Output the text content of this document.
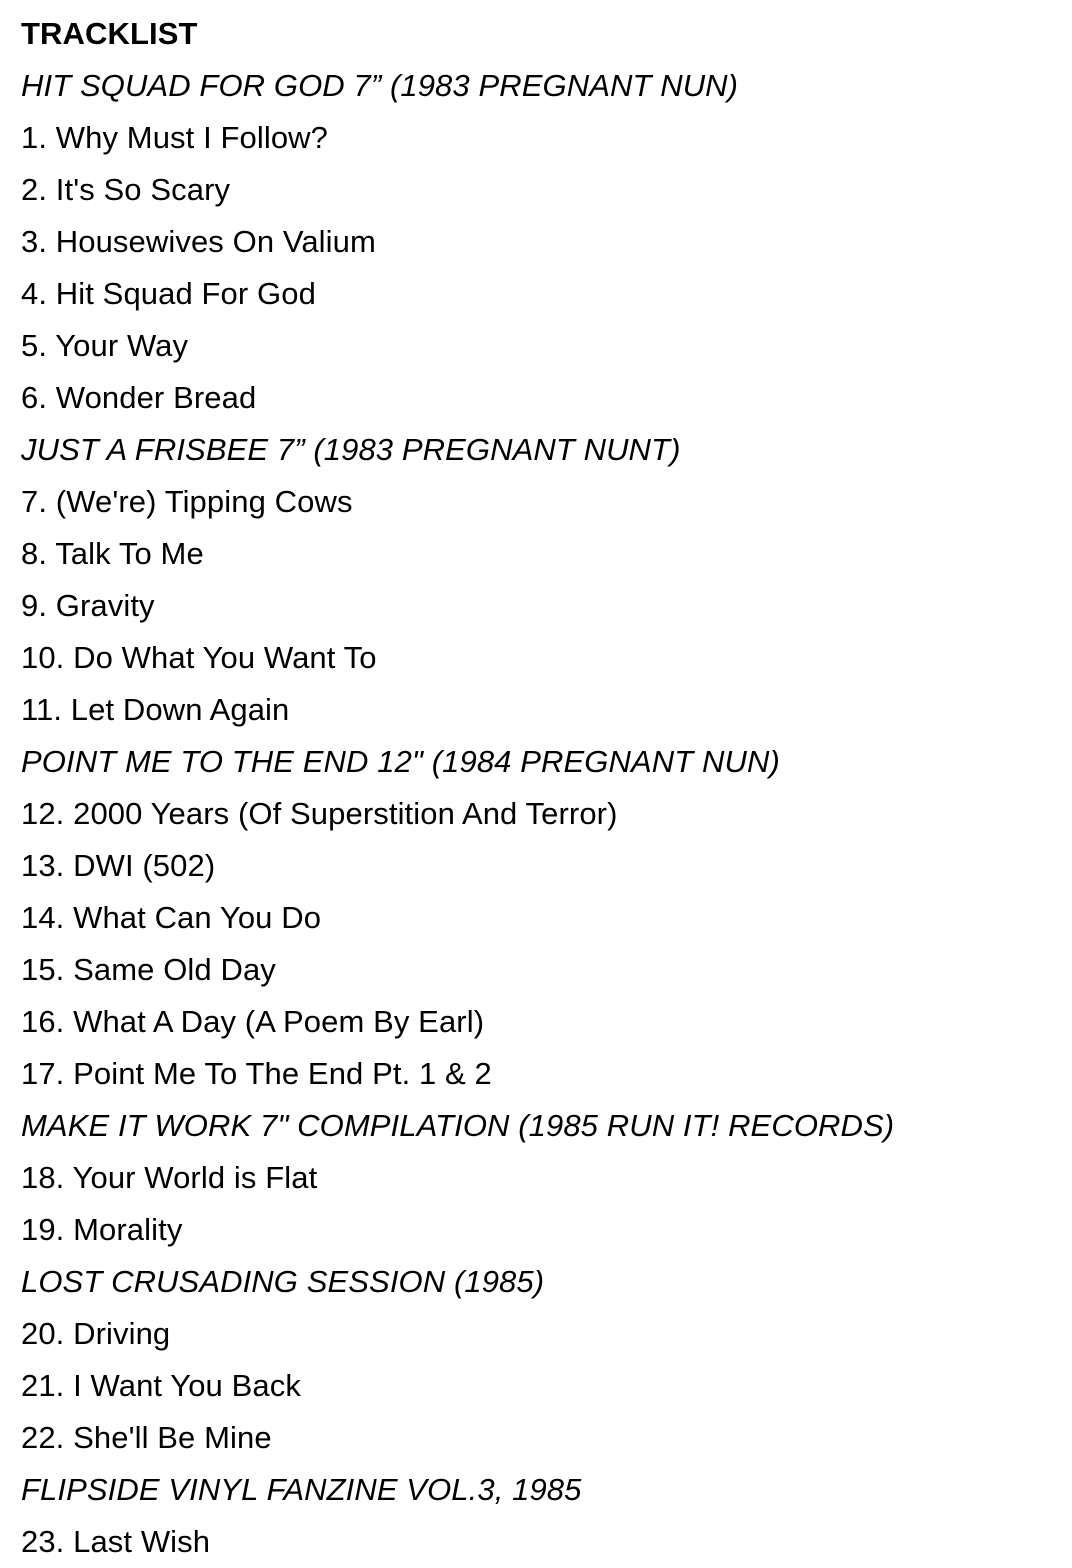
TRACKLIST
HIT SQUAD FOR GOD 7” (1983 PREGNANT NUN)
1. Why Must I Follow?
2. It's So Scary
3. Housewives On Valium
4. Hit Squad For God
5. Your Way
6. Wonder Bread
JUST A FRISBEE 7” (1983 PREGNANT NUNT)
7. (We're) Tipping Cows
8. Talk To Me
9. Gravity
10. Do What You Want To
11. Let Down Again
POINT ME TO THE END 12" (1984 PREGNANT NUN)
12. 2000 Years (Of Superstition And Terror)
13. DWI (502)
14. What Can You Do
15. Same Old Day
16. What A Day (A Poem By Earl)
17. Point Me To The End Pt. 1 & 2
MAKE IT WORK 7" COMPILATION (1985 RUN IT! RECORDS)
18. Your World is Flat
19. Morality
LOST CRUSADING SESSION (1985)
20. Driving
21. I Want You Back
22. She'll Be Mine
FLIPSIDE VINYL FANZINE VOL.3, 1985
23. Last Wish
